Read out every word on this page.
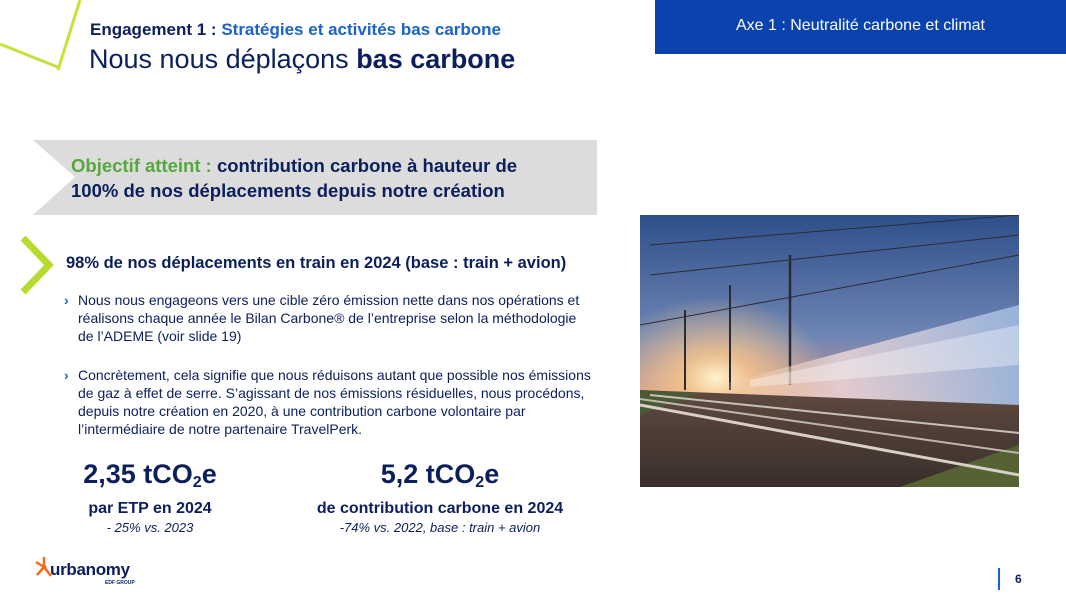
Engagement 1 : Stratégies et activités bas carbone
Nous nous déplaçons bas carbone
Axe 1 : Neutralité carbone et climat
Objectif atteint : contribution carbone à hauteur de
100% de nos déplacements depuis notre création
98% de nos déplacements en train en 2024 (base : train + avion)
› Nous nous engageons vers une cible zéro émission nette dans nos opérations et réalisons chaque année le Bilan Carbone® de l’entreprise selon la méthodologie de l’ADEME (voir slide 19)
› Concrètement, cela signifie que nous réduisons autant que possible nos émissions de gaz à effet de serre. S’agissant de nos émissions résiduelles, nous procédons, depuis notre création en 2020, à une contribution carbone volontaire par l’intermédiaire de notre partenaire TravelPerk.
2,35 tCO$_2$e
par ETP en 2024
- 25% vs. 2023
5,2 tCO$_2$e
de contribution carbone en 2024
-74% vs. 2022, base : train + avion
urbanomy
EDF GROUP	6
